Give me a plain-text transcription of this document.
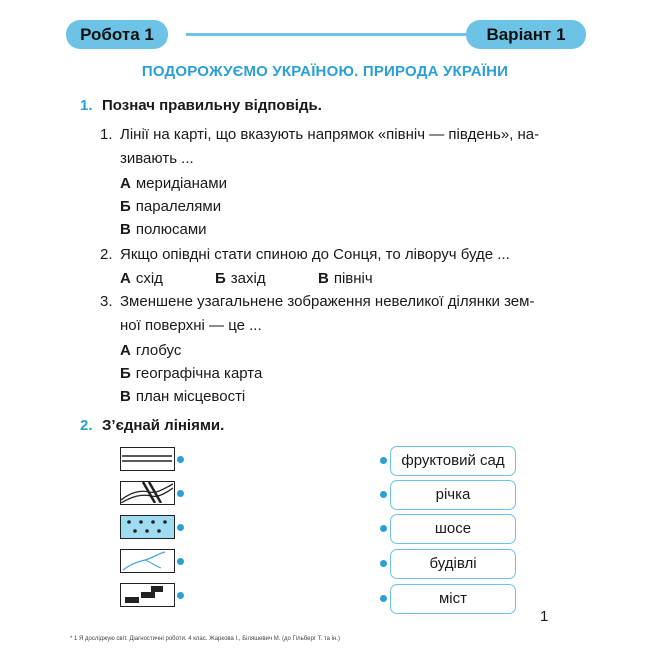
Робота 1	Варіант 1
ПОДОРОЖУЄМО УКРАЇНОЮ. ПРИРОДА УКРАЇНИ
1. Познач правильну відповідь.
1. Лінії на карті, що вказують напрямок «північ — південь», на-
зивають ...
А меридіанами
Б паралелями
В полюсами
2. Якщо опівдні стати спиною до Сонця, то ліворуч буде ...
А схід	Б захід	В північ
3. Зменшене узагальнене зображення невеликої ділянки зем-
ної поверхні — це ...
А глобус
Б географічна карта
В план місцевості
2. З’єднай лініями.
фруктовий сад
річка
шосе
будівлі
міст
1
* 1 Я досліджую світ. Діагностичні роботи. 4 клас. Жаркова І., Біляшевич М. (до Гільберг Т. та ін.)
